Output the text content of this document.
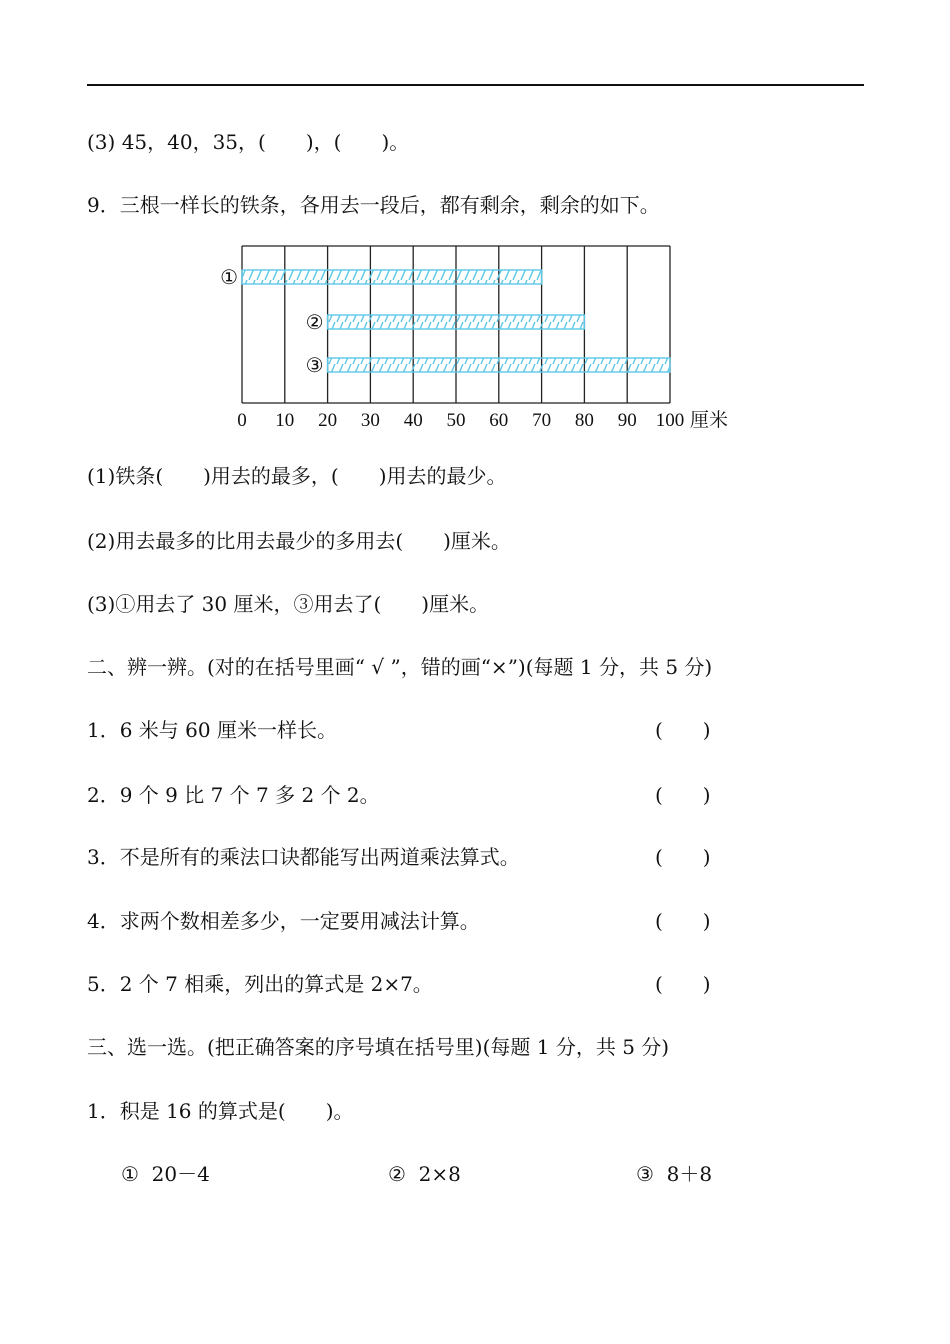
(3) 45，40，35，(　　)，(　　)。
9．三根一样长的铁条，各用去一段后，都有剩余，剩余的如下。
0 10 20 30 40 50 60 70 80 90 100 厘米
①
②
③
(1)铁条(　　)用去的最多，(　　)用去的最少。
(2)用去最多的比用去最少的多用去(　　)厘米。
(3)①用去了 30 厘米，③用去了(　　)厘米。
二、辨一辨。(对的在括号里画“ √ ”，错的画“×”)(每题 1 分，共 5 分)
1．6 米与 60 厘米一样长。	(　　)
2．9 个 9 比 7 个 7 多 2 个 2。	(　　)
3．不是所有的乘法口诀都能写出两道乘法算式。	(　　)
4．求两个数相差多少，一定要用减法计算。	(　　)
5．2 个 7 相乘，列出的算式是 2×7。	(　　)
三、选一选。(把正确答案的序号填在括号里)(每题 1 分，共 5 分)
1．积是 16 的算式是(　　)。
①  20－4	②  2×8	③  8＋8
